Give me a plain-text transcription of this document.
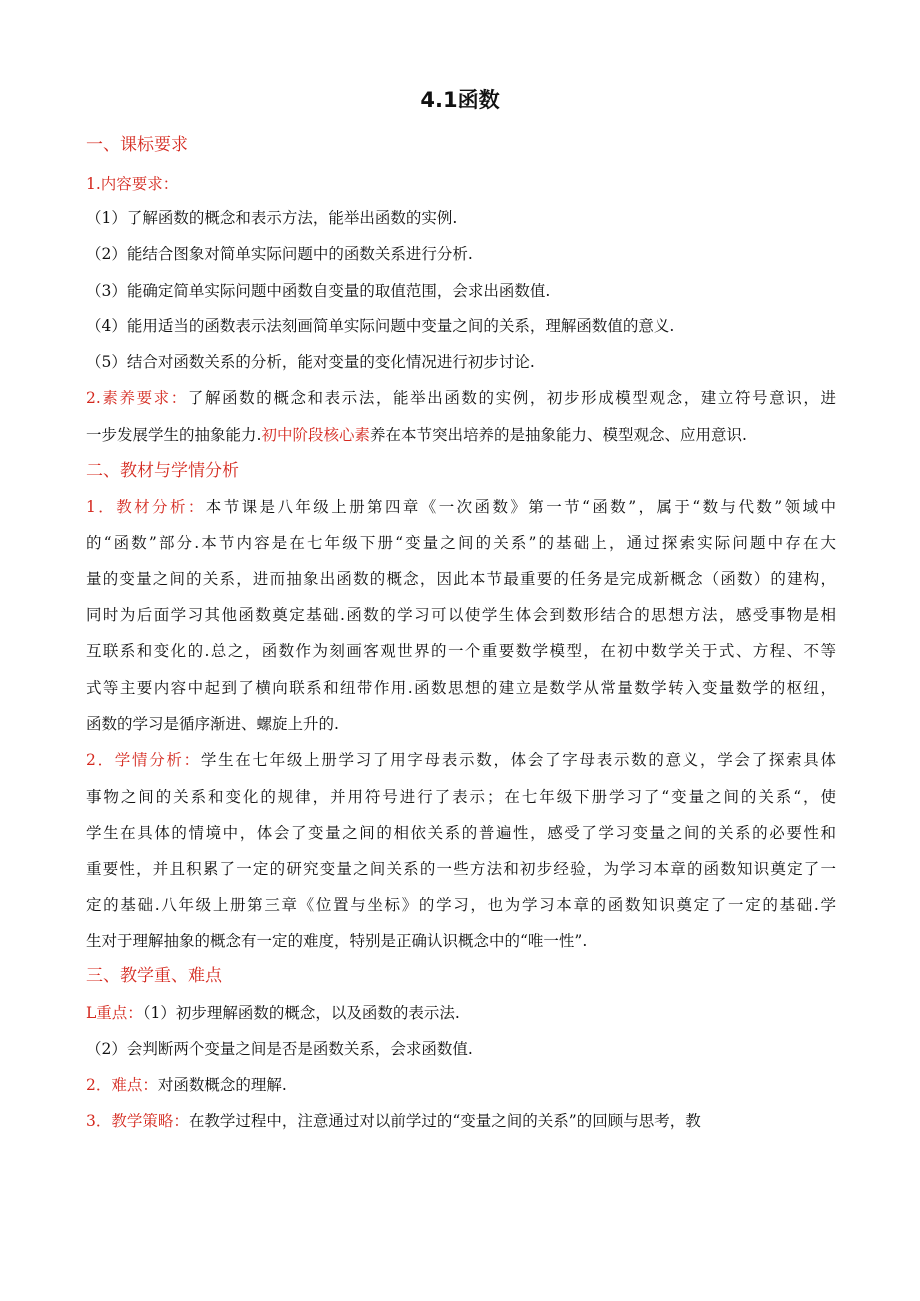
4.1函数
一、课标要求
1.内容要求：
（1）了解函数的概念和表示方法，能举出函数的实例.
（2）能结合图象对简单实际问题中的函数关系进行分析.
（3）能确定简单实际问题中函数自变量的取值范围，会求出函数值.
（4）能用适当的函数表示法刻画简单实际问题中变量之间的关系，理解函数值的意义.
（5）结合对函数关系的分析，能对变量的变化情况进行初步讨论.
2.素养要求：了解函数的概念和表示法，能举出函数的实例，初步形成模型观念，建立符号意识，进
一步发展学生的抽象能力.初中阶段核心素养在本节突出培养的是抽象能力、模型观念、应用意识.
二、教材与学情分析
1．教材分析：本节课是八年级上册第四章《一次函数》第一节“函数”，属于“数与代数”领域中
的“函数”部分.本节内容是在七年级下册“变量之间的关系”的基础上，通过探索实际问题中存在大
量的变量之间的关系，进而抽象出函数的概念，因此本节最重要的任务是完成新概念（函数）的建构，
同时为后面学习其他函数奠定基础.函数的学习可以使学生体会到数形结合的思想方法，感受事物是相
互联系和变化的.总之，函数作为刻画客观世界的一个重要数学模型，在初中数学关于式、方程、不等
式等主要内容中起到了横向联系和纽带作用.函数思想的建立是数学从常量数学转入变量数学的枢纽，
函数的学习是循序渐进、螺旋上升的.
2．学情分析：学生在七年级上册学习了用字母表示数，体会了字母表示数的意义，学会了探索具体
事物之间的关系和变化的规律，并用符号进行了表示；在七年级下册学习了“变量之间的关系“，使
学生在具体的情境中，体会了变量之间的相依关系的普遍性，感受了学习变量之间的关系的必要性和
重要性，并且积累了一定的研究变量之间关系的一些方法和初步经验，为学习本章的函数知识奠定了一
定的基础.八年级上册第三章《位置与坐标》的学习，也为学习本章的函数知识奠定了一定的基础.学
生对于理解抽象的概念有一定的难度，特别是正确认识概念中的“唯一性”.
三、教学重、难点
L重点：（1）初步理解函数的概念，以及函数的表示法.
（2）会判断两个变量之间是否是函数关系，会求函数值.
2．难点：对函数概念的理解.
3．教学策略：在教学过程中，注意通过对以前学过的“变量之间的关系”的回顾与思考，教
